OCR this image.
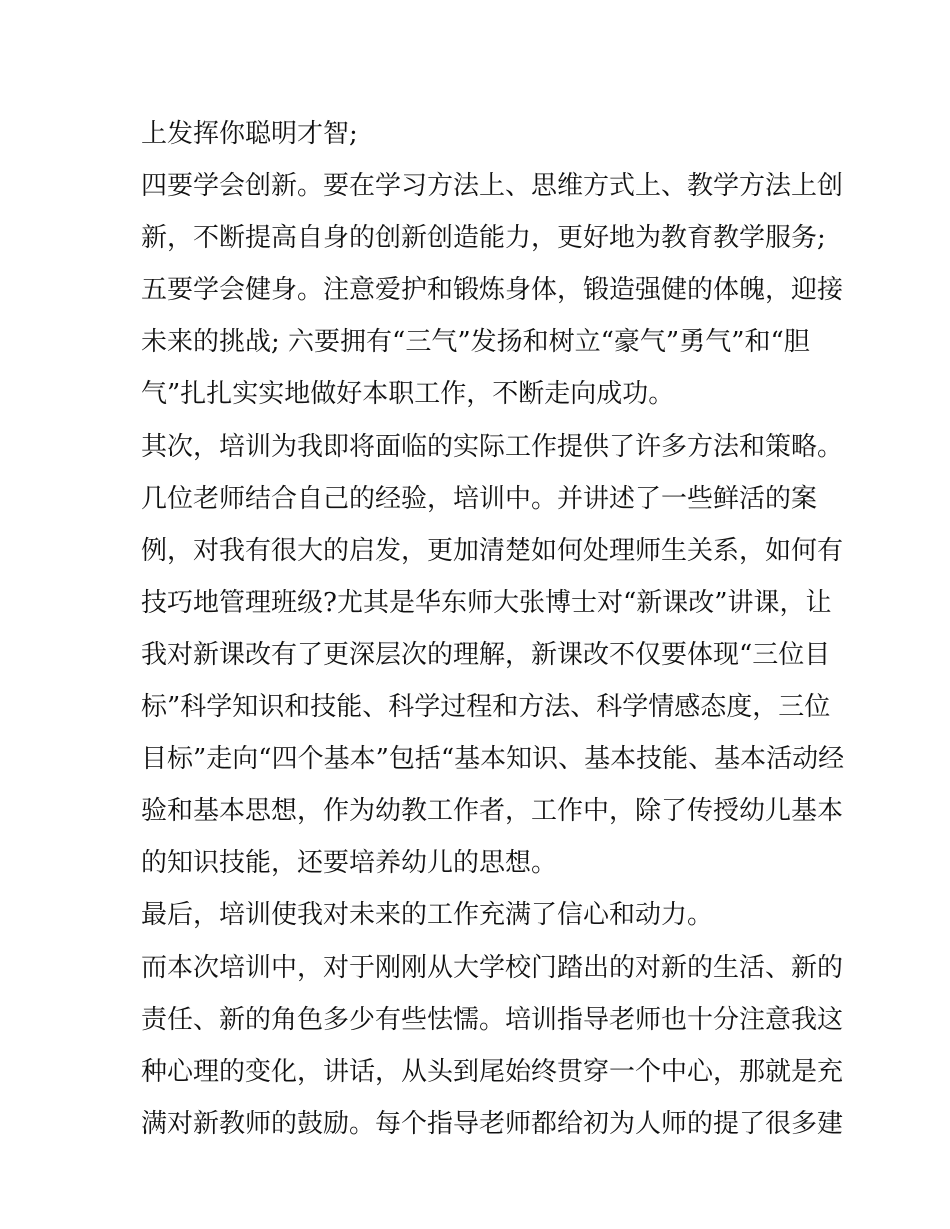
上发挥你聪明才智;
四要学会创新。要在学习方法上、思维方式上、教学方法上创
新，不断提高自身的创新创造能力，更好地为教育教学服务;
五要学会健身。注意爱护和锻炼身体，锻造强健的体魄，迎接
未来的挑战; 六要拥有“三气”发扬和树立“豪气”勇气”和“胆
气”扎扎实实地做好本职工作，不断走向成功。
其次，培训为我即将面临的实际工作提供了许多方法和策略。
几位老师结合自己的经验，培训中。并讲述了一些鲜活的案
例，对我有很大的启发，更加清楚如何处理师生关系，如何有
技巧地管理班级?尤其是华东师大张博士对“新课改”讲课，让
我对新课改有了更深层次的理解，新课改不仅要体现“三位目
标”科学知识和技能、科学过程和方法、科学情感态度，三位
目标”走向“四个基本”包括“基本知识、基本技能、基本活动经
验和基本思想，作为幼教工作者，工作中，除了传授幼儿基本
的知识技能，还要培养幼儿的思想。
最后，培训使我对未来的工作充满了信心和动力。
而本次培训中，对于刚刚从大学校门踏出的对新的生活、新的
责任、新的角色多少有些怯懦。培训指导老师也十分注意我这
种心理的变化，讲话，从头到尾始终贯穿一个中心，那就是充
满对新教师的鼓励。每个指导老师都给初为人师的提了很多建
